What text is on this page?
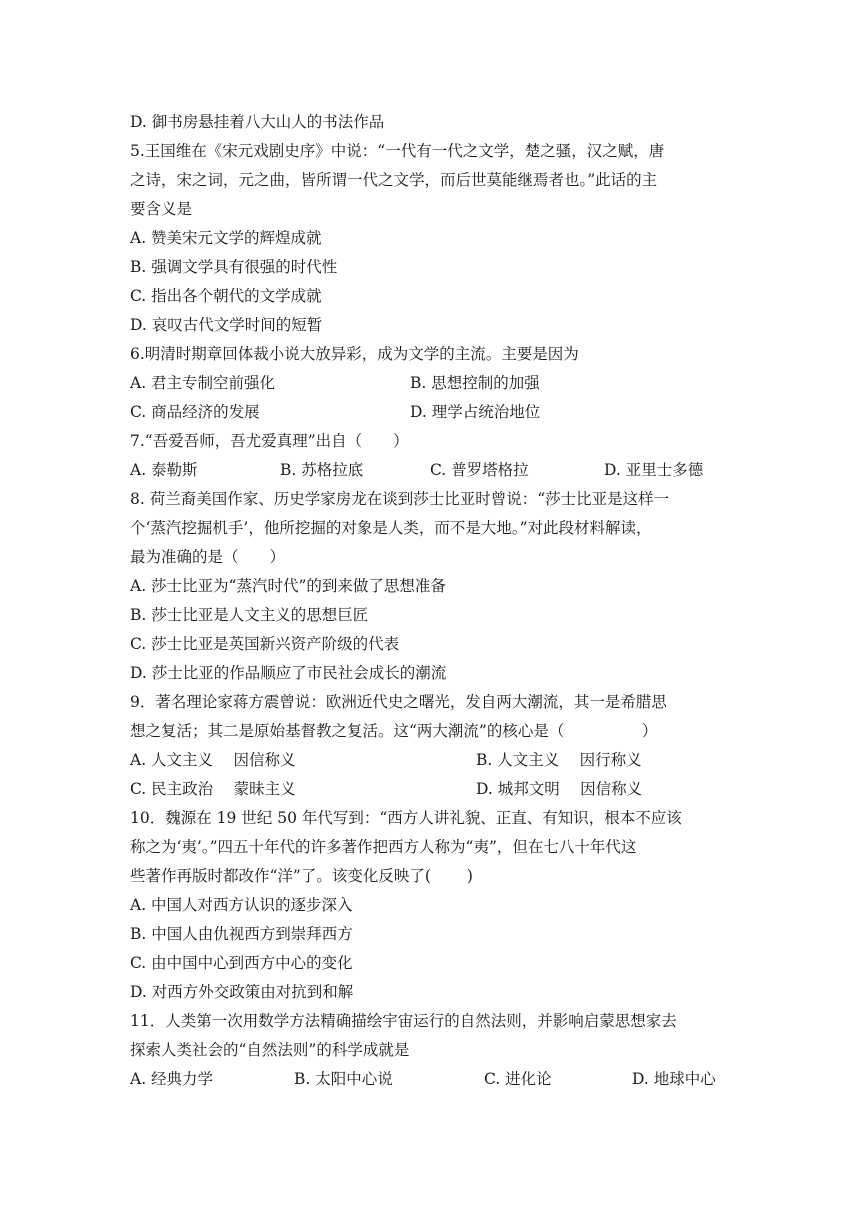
D. 御书房悬挂着八大山人的书法作品
5.王国维在《宋元戏剧史序》中说：“一代有一代之文学，楚之骚，汉之赋，唐
之诗，宋之词，元之曲，皆所谓一代之文学，而后世莫能继焉者也。”此话的主
要含义是
A. 赞美宋元文学的辉煌成就
B. 强调文学具有很强的时代性
C. 指出各个朝代的文学成就
D. 哀叹古代文学时间的短暂
6.明清时期章回体裁小说大放异彩，成为文学的主流。主要是因为
A. 君主专制空前强化	B. 思想控制的加强
C. 商品经济的发展	D. 理学占统治地位
7.“吾爱吾师，吾尤爱真理”出自（　　）
A. 泰勒斯	B. 苏格拉底	C. 普罗塔格拉	D. 亚里士多德
8. 荷兰裔美国作家、历史学家房龙在谈到莎士比亚时曾说：“莎士比亚是这样一
个‘蒸汽挖掘机手’，他所挖掘的对象是人类，而不是大地。”对此段材料解读，
最为准确的是（　　）
A. 莎士比亚为“蒸汽时代”的到来做了思想准备
B. 莎士比亚是人文主义的思想巨匠
C. 莎士比亚是英国新兴资产阶级的代表
D. 莎士比亚的作品顺应了市民社会成长的潮流
9．著名理论家蒋方震曾说：欧洲近代史之曙光，发自两大潮流，其一是希腊思
想之复活；其二是原始基督教之复活。这“两大潮流”的核心是（　　　　　）
A. 人文主义　 因信称义	B. 人文主义　 因行称义
C. 民主政治　 蒙昧主义	D. 城邦文明　 因信称义
10．魏源在 19 世纪 50 年代写到：“西方人讲礼貌、正直、有知识，根本不应该
称之为‘夷’。”四五十年代的许多著作把西方人称为“夷”，但在七八十年代这
些著作再版时都改作“洋”了。该变化反映了(　　 )
A. 中国人对西方认识的逐步深入
B. 中国人由仇视西方到崇拜西方
C. 由中国中心到西方中心的变化
D. 对西方外交政策由对抗到和解
11．人类第一次用数学方法精确描绘宇宙运行的自然法则，并影响启蒙思想家去
探索人类社会的“自然法则”的科学成就是
A. 经典力学	B. 太阳中心说	C. 进化论	D. 地球中心
